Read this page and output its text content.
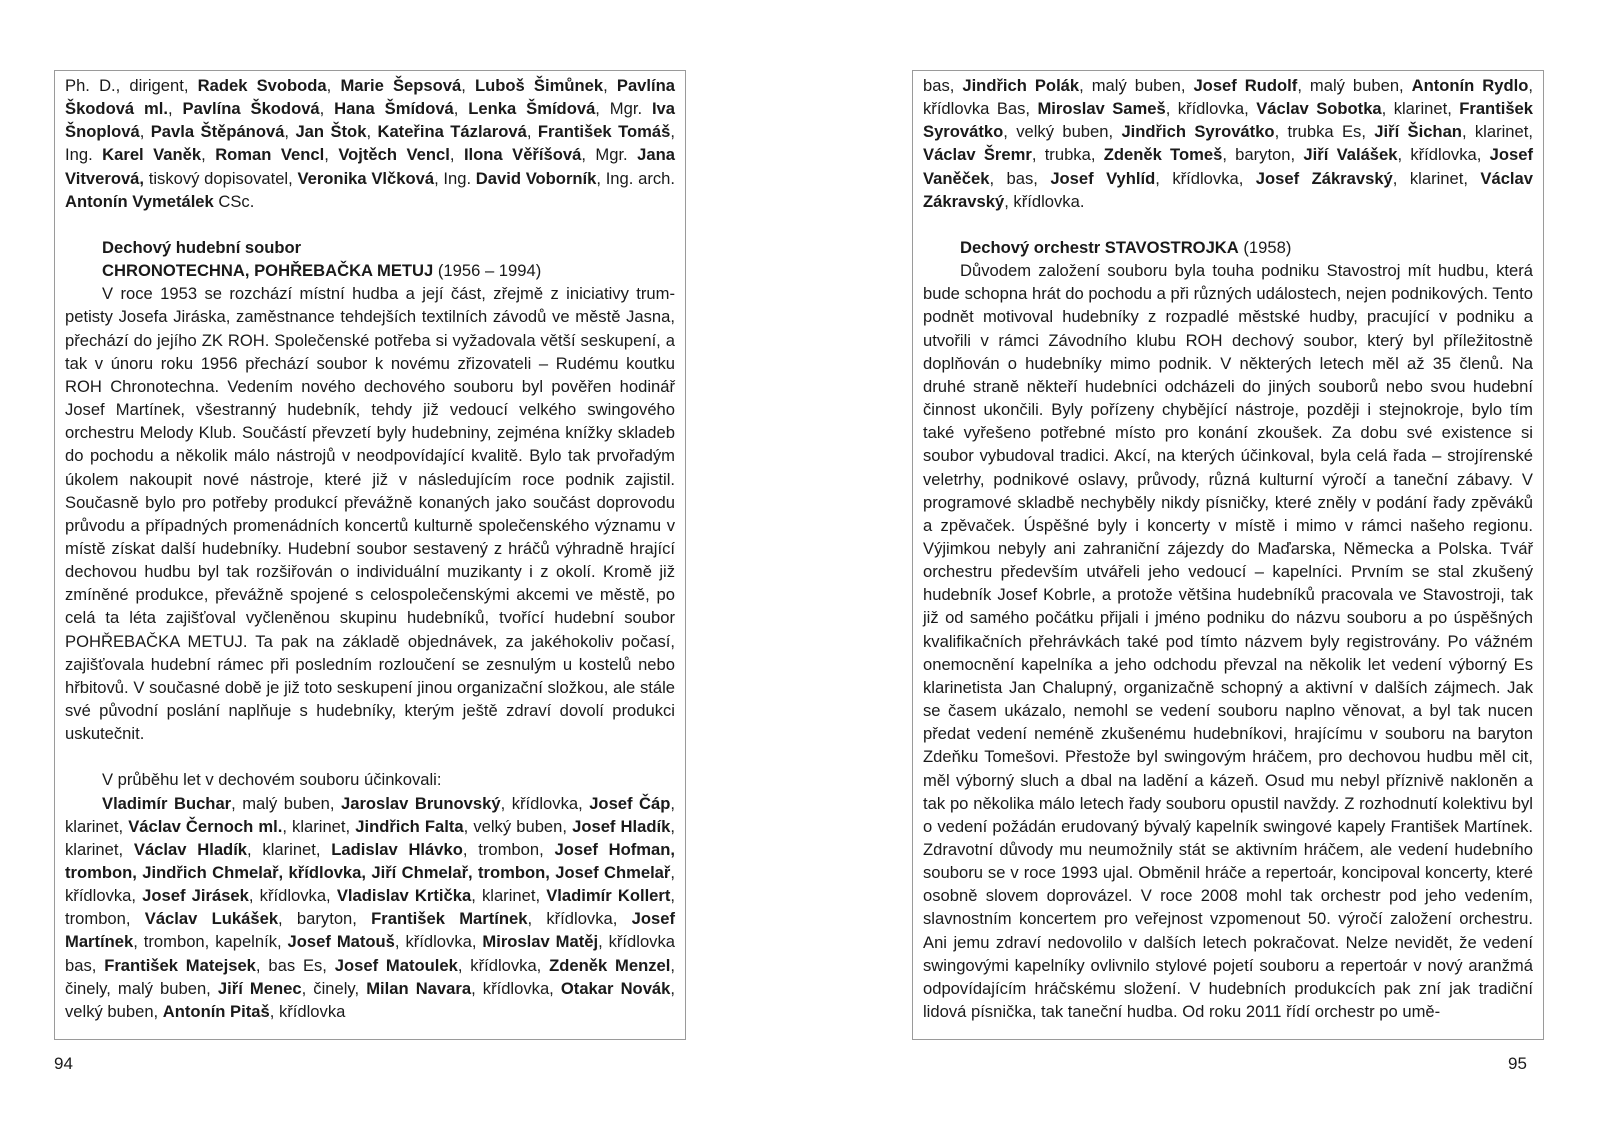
Ph. D., dirigent, Radek Svoboda, Marie Šepsová, Luboš Šimůnek, Pavlína Škodová ml., Pavlína Škodová, Hana Šmídová, Lenka Šmídová, Mgr. Iva Šnoplová, Pavla Štěpánová, Jan Štok, Kateřina Tázlarová, František Tomáš, Ing. Karel Vaněk, Roman Vencl, Vojtěch Vencl, Ilona Věříšová, Mgr. Jana Vitverová, tiskový dopisovatel, Veronika Vlčková, Ing. David Voborník, Ing. arch. Antonín Vymetálek CSc.

Dechový hudební soubor

CHRONOTECHNA, POHŘEBAČKA METUJ (1956 – 1994)

V roce 1953 se rozchází místní hudba a její část, zřejmě z iniciativy trumpetisty Josefa Jiráska, zaměstnance tehdejších textilních závodů ve městě Jasna, přechází do jejího ZK ROH. Společenské potřeba si vyžadovala větší seskupení, a tak v únoru roku 1956 přechází soubor k novému zřizovateli – Rudému koutku ROH Chronotechna. Vedením nového dechového souboru byl pověřen hodinář Josef Martínek, všestranný hudebník, tehdy již vedoucí velkého swingového orchestru Melody Klub. Součástí převzetí byly hudebniny, zejména knížky skladeb do pochodu a několik málo nástrojů v neodpovídající kvalitě. Bylo tak prvořadým úkolem nakoupit nové nástroje, které již v následujícím roce podnik zajistil. Současně bylo pro potřeby produkcí převážně konaných jako součást doprovodu průvodu a případných promenádních koncertů kulturně společenského významu v místě získat další hudebníky. Hudební soubor sestavený z hráčů výhradně hrající dechovou hudbu byl tak rozšiřován o individuální muzikanty i z okolí. Kromě již zmíněné produkce, převážně spojené s celospolečenskými akcemi ve městě, po celá ta léta zajišťoval vyčleněnou skupinu hudebníků, tvořící hudební soubor POHŘEBAČKA METUJ. Ta pak na základě objednávek, za jakéhokoliv počasí, zajišťovala hudební rámec při posledním rozloučení se zesnulým u kostelů nebo hřbitovů. V současné době je již toto seskupení jinou organizační složkou, ale stále své původní poslání naplňuje s hudebníky, kterým ještě zdraví dovolí produkci uskutečnit.

V průběhu let v dechovém souboru účinkovali:

Vladimír Buchar, malý buben, Jaroslav Brunovský, křídlovka, Josef Čáp, klarinet, Václav Černoch ml., klarinet, Jindřich Falta, velký buben, Josef Hladík, klarinet, Václav Hladík, klarinet, Ladislav Hlávko, trombon, Josef Hofman, trombon, Jindřich Chmelař, křídlovka, Jiří Chmelař, trombon, Josef Chmelař, křídlovka, Josef Jirásek, křídlovka, Vladislav Krtička, klarinet, Vladimír Kollert, trombon, Václav Lukášek, baryton, František Martínek, křídlovka, Josef Martínek, trombon, kapelník, Josef Matouš, křídlovka, Miroslav Matěj, křídlovka bas, František Matejsek, bas Es, Josef Matoulek, křídlovka, Zdeněk Menzel, činely, malý buben, Jiří Menec, činely, Milan Navara, křídlovka, Otakar Novák, velký buben, Antonín Pitaš, křídlovka

94

bas, Jindřich Polák, malý buben, Josef Rudolf, malý buben, Antonín Rydlo, křídlovka Bas, Miroslav Sameš, křídlovka, Václav Sobotka, klarinet, František Syrovátko, velký buben, Jindřich Syrovátko, trubka Es, Jiří Šichan, klarinet, Václav Šremr, trubka, Zdeněk Tomeš, baryton, Jiří Valášek, křídlovka, Josef Vaněček, bas, Josef Vyhlíd, křídlovka, Josef Zákravský, klarinet, Václav Zákravský, křídlovka.

Dechový orchestr STAVOSTROJKA (1958)

Důvodem založení souboru byla touha podniku Stavostroj mít hudbu, která bude schopna hrát do pochodu a při různých událostech, nejen podnikových. Tento podnět motivoval hudebníky z rozpadlé městské hudby, pracující v podniku a utvořili v rámci Závodního klubu ROH dechový soubor, který byl příležitostně doplňován o hudebníky mimo podnik. V některých letech měl až 35 členů. Na druhé straně někteří hudebníci odcházeli do jiných souborů nebo svou hudební činnost ukončili. Byly pořízeny chybějící nástroje, později i stejnokroje, bylo tím také vyřešeno potřebné místo pro konání zkoušek. Za dobu své existence si soubor vybudoval tradici. Akcí, na kterých účinkoval, byla celá řada – strojírenské veletrhy, podnikové oslavy, průvody, různá kulturní výročí a taneční zábavy. V programové skladbě nechyběly nikdy písničky, které zněly v podání řady zpěváků a zpěvaček. Úspěšné byly i koncerty v místě i mimo v rámci našeho regionu. Výjimkou nebyly ani zahraniční zájezdy do Maďarska, Německa a Polska. Tvář orchestru především utvářeli jeho vedoucí – kapelníci. Prvním se stal zkušený hudebník Josef Kobrle, a protože většina hudebníků pracovala ve Stavostroji, tak již od samého počátku přijali i jméno podniku do názvu souboru a po úspěšných kvalifikačních přehrávkách také pod tímto názvem byly registrovány. Po vážném onemocnění kapelníka a jeho odchodu převzal na několik let vedení výborný Es klarinetista Jan Chalupný, organizačně schopný a aktivní v dalších zájmech. Jak se časem ukázalo, nemohl se vedení souboru naplno věnovat, a byl tak nucen předat vedení neméně zkušenému hudebníkovi, hrajícímu v souboru na baryton Zdeňku Tomešovi. Přestože byl swingovým hráčem, pro dechovou hudbu měl cit, měl výborný sluch a dbal na ladění a kázeň. Osud mu nebyl příznivě nakloněn a tak po několika málo letech řady souboru opustil navždy. Z rozhodnutí kolektivu byl o vedení požádán erudovaný bývalý kapelník swingové kapely František Martínek. Zdravotní důvody mu neumožnily stát se aktivním hráčem, ale vedení hudebního souboru se v roce 1993 ujal. Obměnil hráče a repertoár, koncipoval koncerty, které osobně slovem doprovázel. V roce 2008 mohl tak orchestr pod jeho vedením, slavnostním koncertem pro veřejnost vzpomenout 50. výročí založení orchestru. Ani jemu zdraví nedovolilo v dalších letech pokračovat. Nelze nevidět, že vedení swingovými kapelníky ovlivnilo stylové pojetí souboru a repertoár v nový aranžmá odpovídajícím hráčskému složení. V hudebních produkcích pak zní jak tradiční lidová písnička, tak taneční hudba. Od roku 2011 řídí orchestr po umě-

95
